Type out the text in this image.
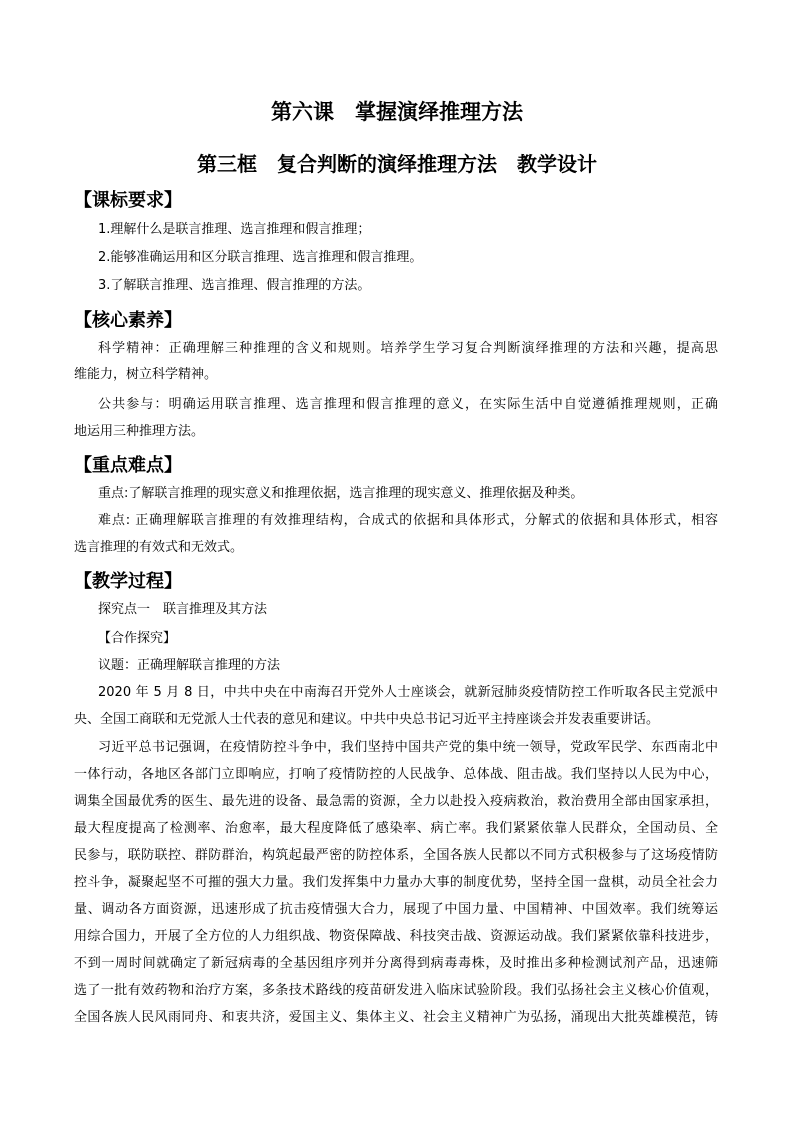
第六课　掌握演绎推理方法
第三框　复合判断的演绎推理方法　教学设计
【课标要求】
1.理解什么是联言推理、选言推理和假言推理；
2.能够准确运用和区分联言推理、选言推理和假言推理。
3.了解联言推理、选言推理、假言推理的方法。
【核心素养】
科学精神：正确理解三种推理的含义和规则。培养学生学习复合判断演绎推理的方法和兴趣，提高思
维能力，树立科学精神。
公共参与：明确运用联言推理、选言推理和假言推理的意义，在实际生活中自觉遵循推理规则，正确
地运用三种推理方法。
【重点难点】
重点:了解联言推理的现实意义和推理依据，选言推理的现实意义、推理依据及种类。
难点: 正确理解联言推理的有效推理结构，合成式的依据和具体形式，分解式的依据和具体形式，相容
选言推理的有效式和无效式。
【教学过程】
探究点一　联言推理及其方法
【合作探究】
议题：正确理解联言推理的方法
2020 年 5 月 8 日，中共中央在中南海召开党外人士座谈会，就新冠肺炎疫情防控工作听取各民主党派中
央、全国工商联和无党派人士代表的意见和建议。中共中央总书记习近平主持座谈会并发表重要讲话。
习近平总书记强调，在疫情防控斗争中，我们坚持中国共产党的集中统一领导，党政军民学、东西南北中
一体行动，各地区各部门立即响应，打响了疫情防控的人民战争、总体战、阻击战。我们坚持以人民为中心，
调集全国最优秀的医生、最先进的设备、最急需的资源，全力以赴投入疫病救治，救治费用全部由国家承担，
最大程度提高了检测率、治愈率，最大程度降低了感染率、病亡率。我们紧紧依靠人民群众，全国动员、全
民参与，联防联控、群防群治，构筑起最严密的防控体系，全国各族人民都以不同方式积极参与了这场疫情防
控斗争，凝聚起坚不可摧的强大力量。我们发挥集中力量办大事的制度优势，坚持全国一盘棋，动员全社会力
量、调动各方面资源，迅速形成了抗击疫情强大合力，展现了中国力量、中国精神、中国效率。我们统筹运
用综合国力，开展了全方位的人力组织战、物资保障战、科技突击战、资源运动战。我们紧紧依靠科技进步，
不到一周时间就确定了新冠病毒的全基因组序列并分离得到病毒毒株，及时推出多种检测试剂产品，迅速筛
选了一批有效药物和治疗方案，多条技术路线的疫苗研发进入临床试验阶段。我们弘扬社会主义核心价值观，
全国各族人民风雨同舟、和衷共济，爱国主义、集体主义、社会主义精神广为弘扬，涌现出大批英雄模范，铸
